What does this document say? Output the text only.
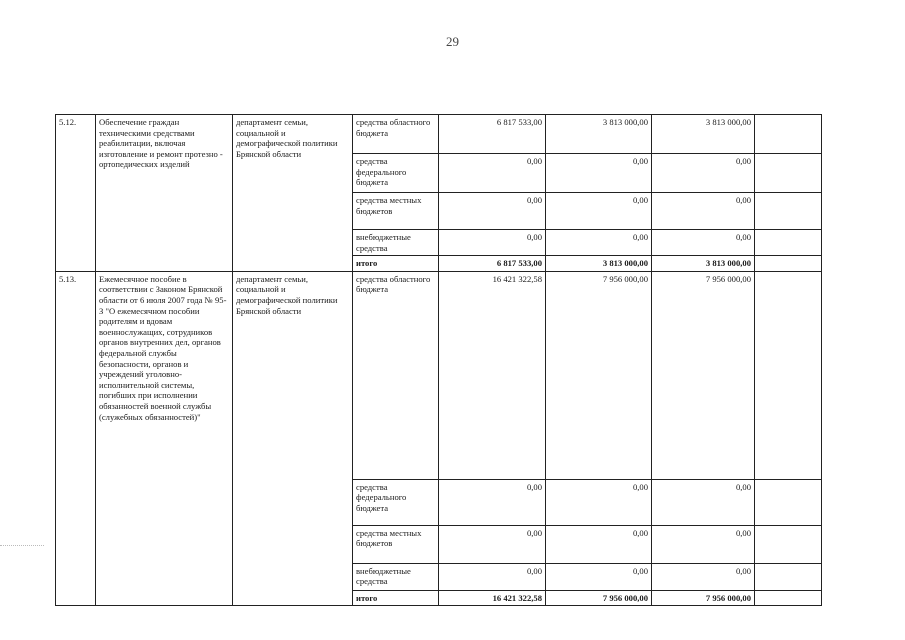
29
5.12.	Обеспечение граждан техническими средствами реабилитации, включая изготовление и ремонт протезно - ортопедических изделий	департамент семьи, социальной и демографической политики Брянской области	средства областного бюджета	6 817 533,00	3 813 000,00	3 813 000,00	
			средства федерального бюджета	0,00	0,00	0,00	
			средства местных бюджетов	0,00	0,00	0,00	
			внебюджетные средства	0,00	0,00	0,00	
			итого	6 817 533,00	3 813 000,00	3 813 000,00	
5.13.	Ежемесячное пособие в соответствии с Законом Брянской области от 6 июля 2007 года № 95-З "О ежемесячном пособии родителям и вдовам военнослужащих, сотрудников органов внутренних дел, органов федеральной службы безопасности, органов и учреждений уголовно-исполнительной системы, погибших при исполнении обязанностей военной службы (служебных обязанностей)"	департамент семьи, социальной и демографической политики Брянской области	средства областного бюджета	16 421 322,58	7 956 000,00	7 956 000,00	
			средства федерального бюджета	0,00	0,00	0,00	
			средства местных бюджетов	0,00	0,00	0,00	
			внебюджетные средства	0,00	0,00	0,00	
			итого	16 421 322,58	7 956 000,00	7 956 000,00	
